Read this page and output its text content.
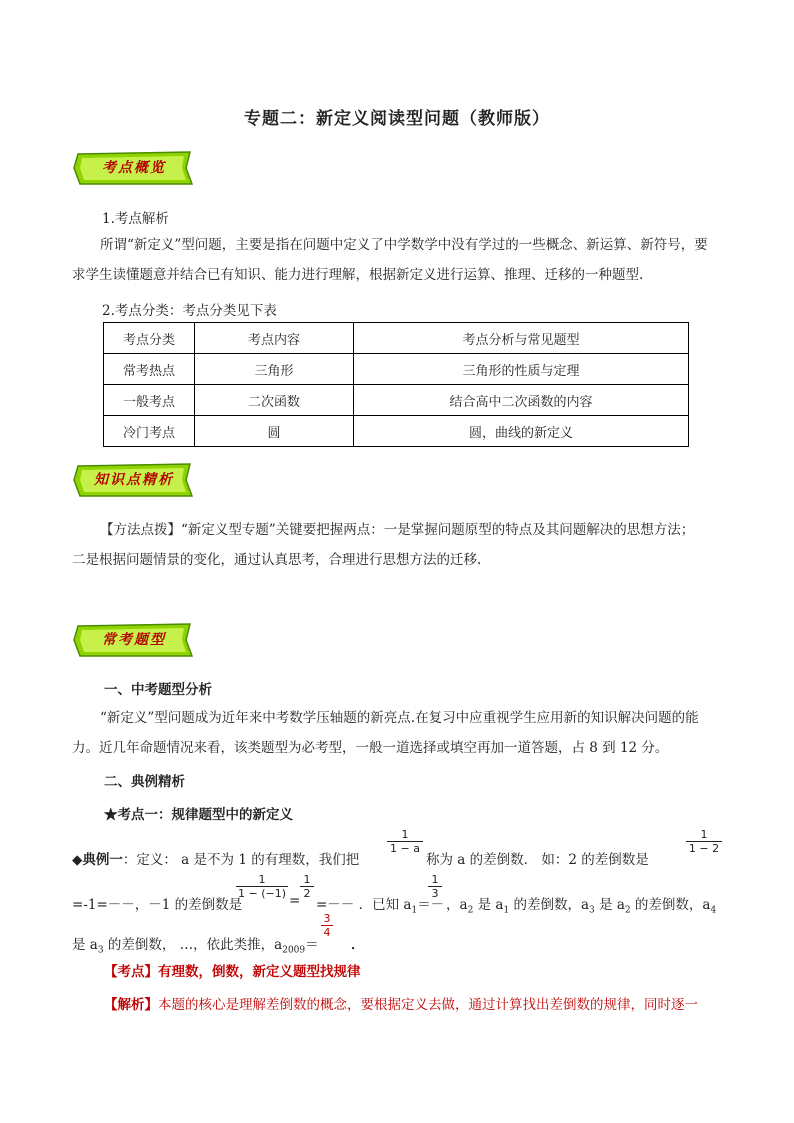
专题二：新定义阅读型问题（教师版）
考点概览
1.考点解析
所谓“新定义”型问题，主要是指在问题中定义了中学数学中没有学过的一些概念、新运算、新符号，要
求学生读懂题意并结合已有知识、能力进行理解，根据新定义进行运算、推理、迁移的一种题型.
2.考点分类：考点分类见下表
考点分类	考点内容	考点分析与常见题型
常考热点	三角形	三角形的性质与定理
一般考点	二次函数	结合高中二次函数的内容
冷门考点	圆	圆，曲线的新定义
知识点精析
【方法点拨】“新定义型专题”关键要把握两点：一是掌握问题原型的特点及其问题解决的思想方法；
二是根据问题情景的变化，通过认真思考，合理进行思想方法的迁移.
常考题型
一、中考题型分析
“新定义”型问题成为近年来中考数学压轴题的新亮点.在复习中应重视学生应用新的知识解决问题的能
力。近几年命题情况来看，该类题型为必考型，一般一道选择或填空再加一道答题，占 8 到 12 分。
二、典例精析
★考点一：规律题型中的新定义
◆典例一：定义： a 是不为 1 的有理数，我们把
$\frac{1}{1 - a}$
称为 a 的差倒数． 如：2 的差倒数是
$\frac{1}{1 - 2}$
=-1=－－，－1 的差倒数是
$\frac{1}{1 - (-1)}$
=
$\frac{1}{2}$
=－－ ．已知 $a_1=-$
$\frac{1}{3}$
，$a_2$ 是 $a_1$ 的差倒数，$a_3$ 是 $a_2$ 的差倒数，$a_4$
是 $a_3$ 的差倒数， …，依此类推，$a_{2009}=$
$\frac{3}{4}$
．
【考点】有理数，倒数，新定义题型找规律
【解析】本题的核心是理解差倒数的概念，要根据定义去做，通过计算找出差倒数的规律，同时逐一
